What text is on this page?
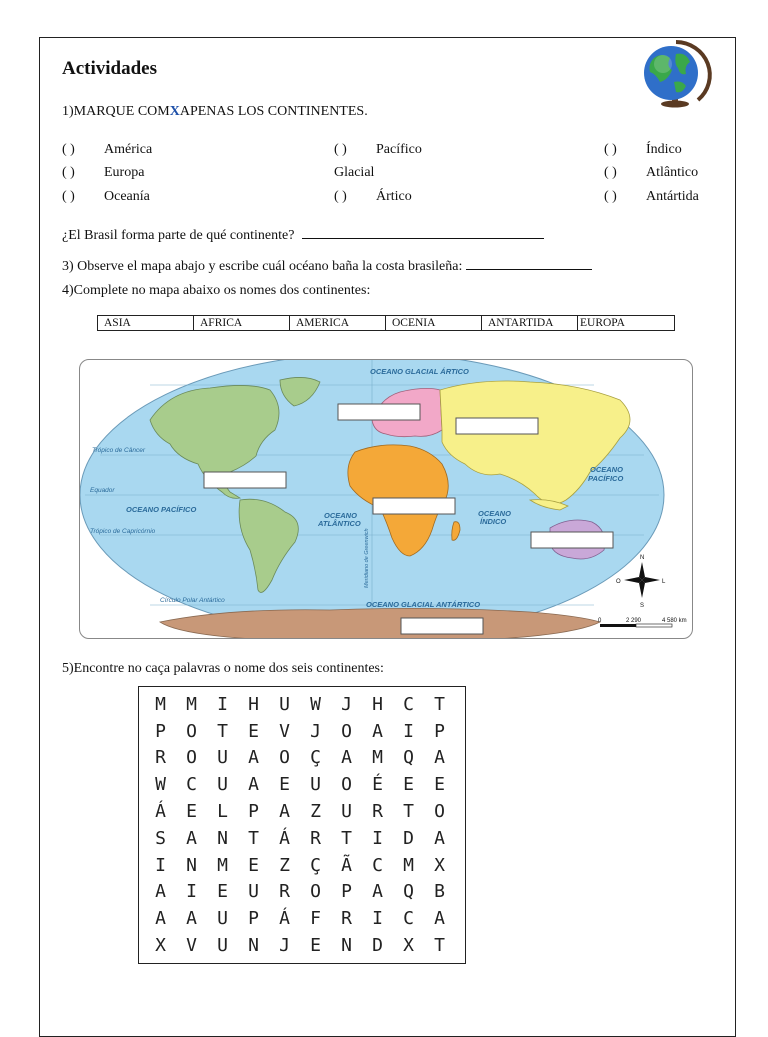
Actividades
1)MARQUE COMXAPENAS LOS CONTINENTES.
( ) América	( ) Pacífico	( ) Índico
( ) Europa	Glacial	( ) Atlântico
( ) Oceanía	( ) Ártico	( ) Antártida
¿El Brasil forma parte de qué continente?
3) Observe el mapa abajo y escribe cuál océano baña la costa brasileña:
4)Complete no mapa abaixo os nomes dos continentes:
ASIA	AFRICA	AMERICA	OCENIA	ANTARTIDA	EUROPA
Trópico de Câncer
Equador
Trópico de Capricórnio
Círculo Polar Antártico
OCEANO PACÍFICO
OCEANO
ATLÂNTICO
OCEANO
ÍNDICO
OCEANO
PACÍFICO
OCEANO GLACIAL ÁRTICO
OCEANO GLACIAL ANTÁRTICO
Meridiano de Greenwich	N
S
L
O
0	2 290	4 580 km
5)Encontre no caça palavras o nome dos seis continentes:
M	M	I	H	U	W	J	H	C	T
P	O	T	E	V	J	O	A	I	P
R	O	U	A	O	Ç	A	M	Q	A
W	C	U	A	E	U	O	É	E	E
Á	E	L	P	A	Z	U	R	T	O
S	A	N	T	Á	R	T	I	D	A
I	N	M	E	Z	Ç	Ã	C	M	X
A	I	E	U	R	O	P	A	Q	B
A	A	U	P	Á	F	R	I	C	A
X	V	U	N	J	E	N	D	X	T
